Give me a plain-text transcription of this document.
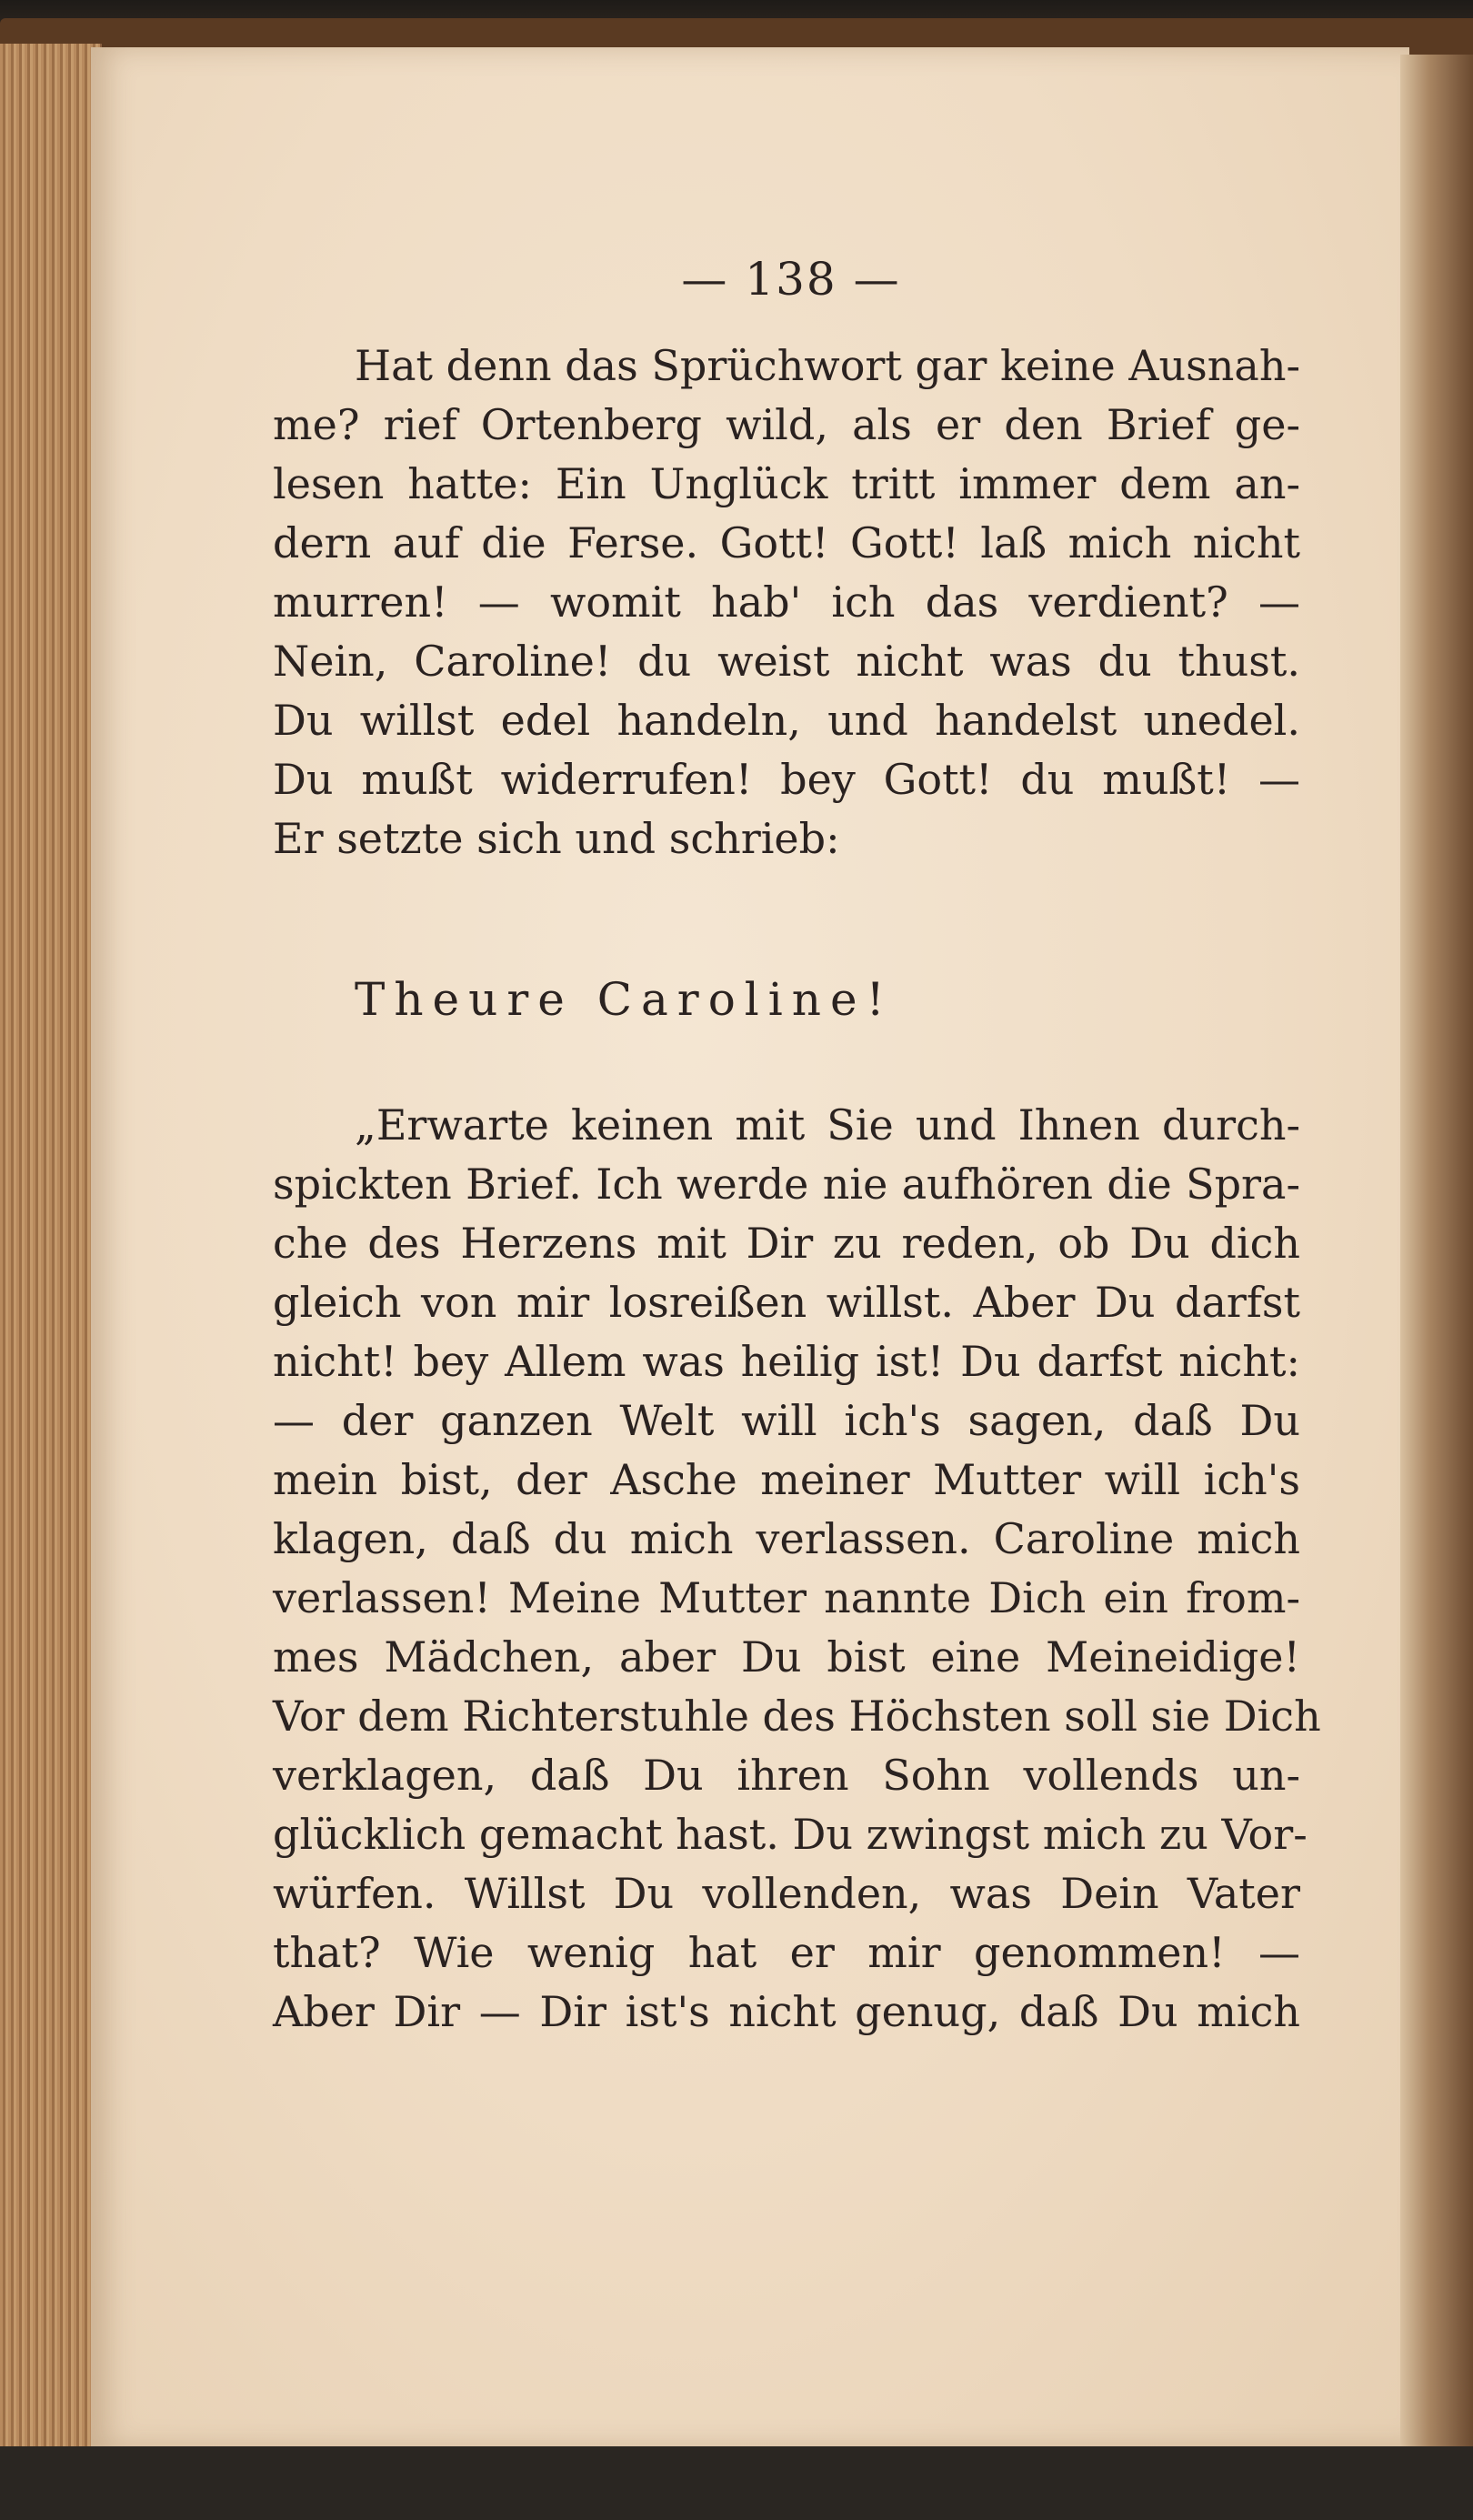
— 138 —
Hat denn das Sprüchwort gar keine Ausnah-
me? rief Ortenberg wild, als er den Brief ge-
lesen hatte: Ein Unglück tritt immer dem an-
dern auf die Ferse. Gott! Gott! laß mich nicht
murren! — womit hab' ich das verdient? —
Nein, Caroline! du weist nicht was du thust.
Du willst edel handeln, und handelst unedel.
Du mußt widerrufen! bey Gott! du mußt! —
Er setzte sich und schrieb:
Theure Caroline!
„Erwarte keinen mit Sie und Ihnen durch-
spickten Brief. Ich werde nie aufhören die Spra-
che des Herzens mit Dir zu reden, ob Du dich
gleich von mir losreißen willst. Aber Du darfst
nicht! bey Allem was heilig ist! Du darfst nicht:
— der ganzen Welt will ich's sagen, daß Du
mein bist, der Asche meiner Mutter will ich's
klagen, daß du mich verlassen. Caroline mich
verlassen! Meine Mutter nannte Dich ein from-
mes Mädchen, aber Du bist eine Meineidige!
Vor dem Richterstuhle des Höchsten soll sie Dich
verklagen, daß Du ihren Sohn vollends un-
glücklich gemacht hast. Du zwingst mich zu Vor-
würfen. Willst Du vollenden, was Dein Vater
that? Wie wenig hat er mir genommen! —
Aber Dir — Dir ist's nicht genug, daß Du mich
